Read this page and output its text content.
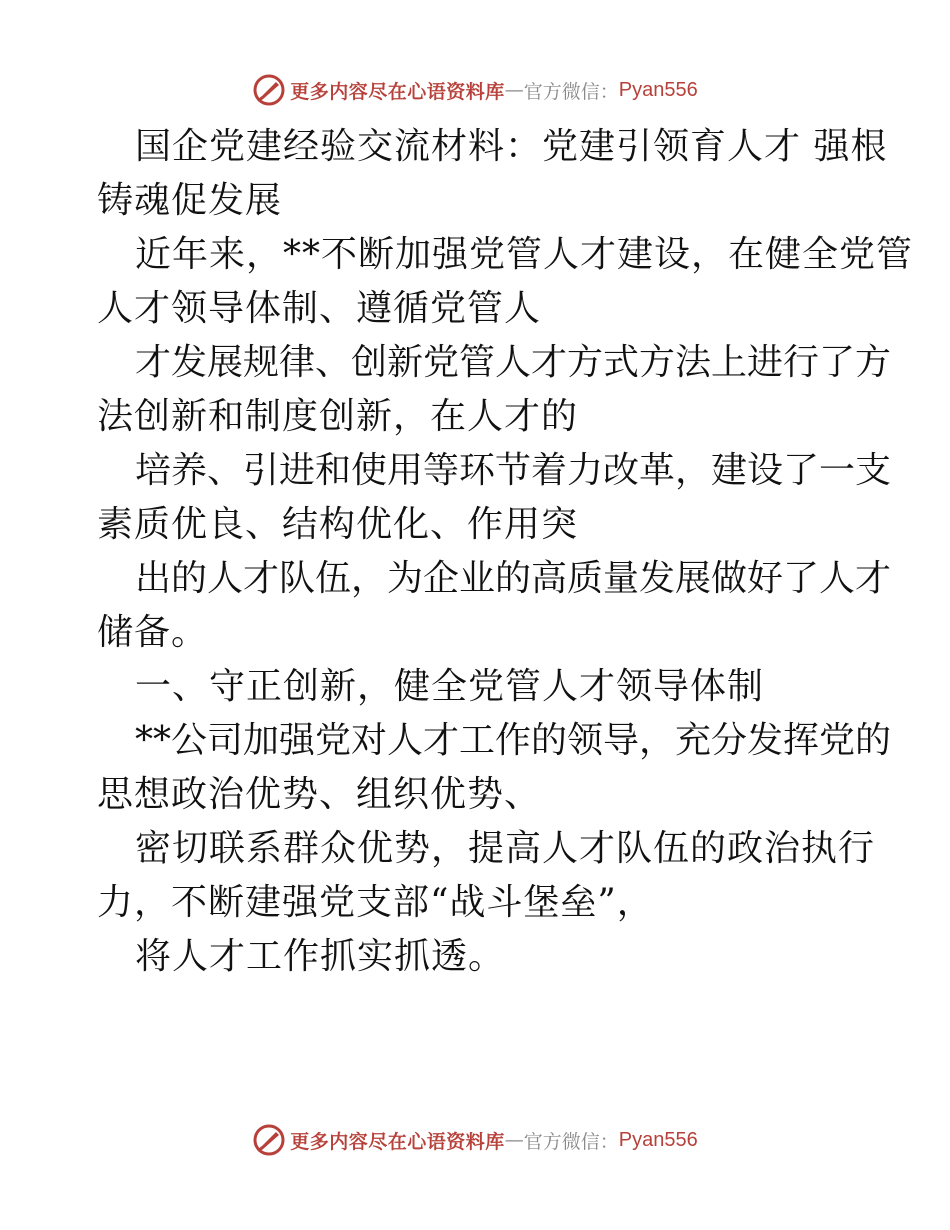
更多内容尽在心语资料库 — 官方微信： Pyan556
国企党建经验交流材料：党建引领育人才 强根
铸魂促发展
近年来，**不断加强党管人才建设，在健全党管
人才领导体制、遵循党管人
才发展规律、创新党管人才方式方法上进行了方
法创新和制度创新，在人才的
培养、引进和使用等环节着力改革，建设了一支
素质优良、结构优化、作用突
出的人才队伍，为企业的高质量发展做好了人才
储备。
一、守正创新，健全党管人才领导体制
**公司加强党对人才工作的领导，充分发挥党的
思想政治优势、组织优势、
密切联系群众优势，提高人才队伍的政治执行
力，不断建强党支部“战斗堡垒”，
将人才工作抓实抓透。
更多内容尽在心语资料库 — 官方微信： Pyan556
